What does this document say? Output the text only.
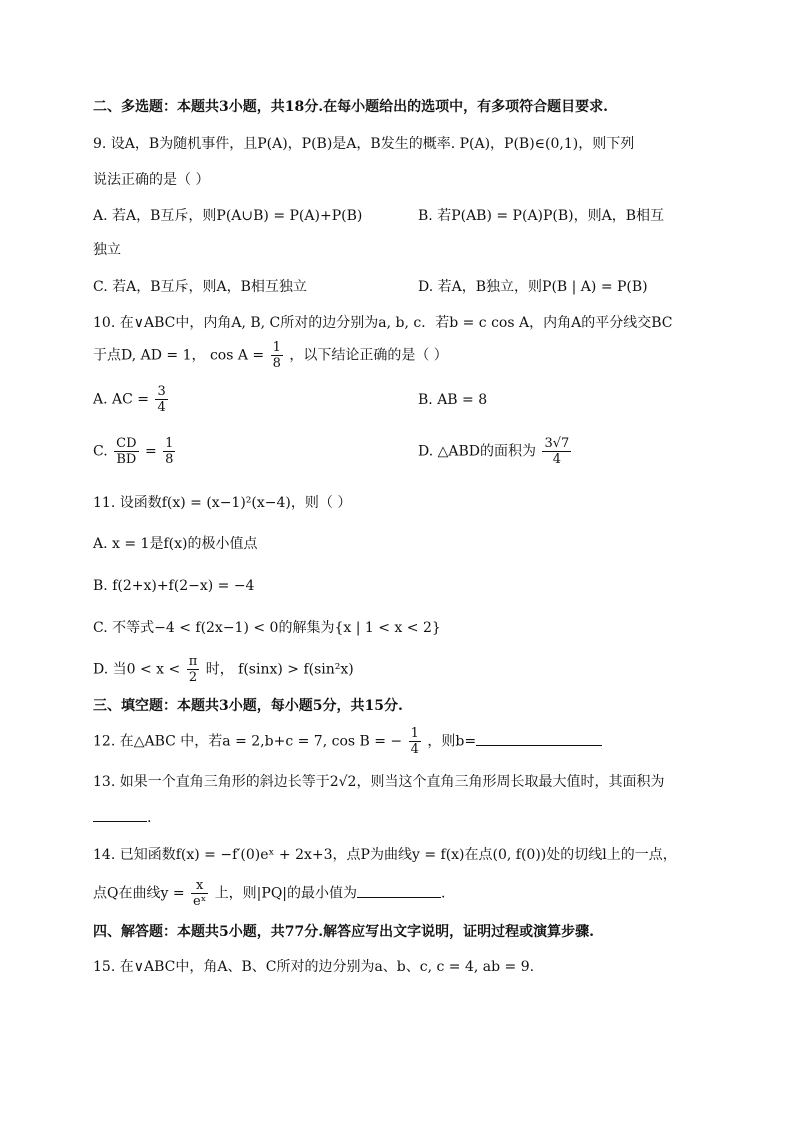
二、多选题：本题共3小题，共18分.在每小题给出的选项中，有多项符合题目要求.
9. 设A，B为随机事件，且P(A)，P(B)是A，B发生的概率. P(A)，P(B)∈(0,1)，则下列
说法正确的是（ ）
A. 若A，B互斥，则P(A∪B) = P(A)+P(B)	B. 若P(AB) = P(A)P(B)，则A，B相互
独立
C. 若A，B互斥，则A，B相互独立	D. 若A，B独立，则P(B | A) = P(B)
10. 在∨ABC中，内角A, B, C所对的边分别为a, b, c．若b = c cos A，内角A的平分线交BC
于点D, AD = 1， $\cos A = \frac{1}{8}$ ，以下结论正确的是（ ）
A. AC = $\frac{3}{4}$	B. AB = 8
C. $\frac{CD}{BD} = \frac{1}{8}$	D. △ABD的面积为 $\frac{3√7}{4}$
11. 设函数f(x) = (x−1)²(x−4)，则（ ）
A. x = 1是f(x)的极小值点
B. f(2+x)+f(2−x) = −4
C. 不等式−4 < f(2x−1) < 0的解集为{x | 1 < x < 2}
D. 当$0 < x < \frac{\pi}{2}$ 时， f(sinx) > f(sin²x)
三、填空题：本题共3小题，每小题5分，共15分.
12. 在△ABC 中，若a = 2,b+c = 7, cos B = − $\frac{1}{4}$ ，则b=
13. 如果一个直角三角形的斜边长等于2√2，则当这个直角三角形周长取最大值时，其面积为
.
14. 已知函数f(x) = −f′(0)eˣ + 2x+3，点P为曲线y = f(x)在点(0, f(0))处的切线l上的一点，
点Q在曲线$y = \frac{x}{\text{eˣ}}$ 上，则|PQ|的最小值为	.
四、解答题：本题共5小题，共77分.解答应写出文字说明，证明过程或演算步骤.
15. 在∨ABC中，角A、B、C所对的边分别为a、b、c, c = 4, ab = 9.
